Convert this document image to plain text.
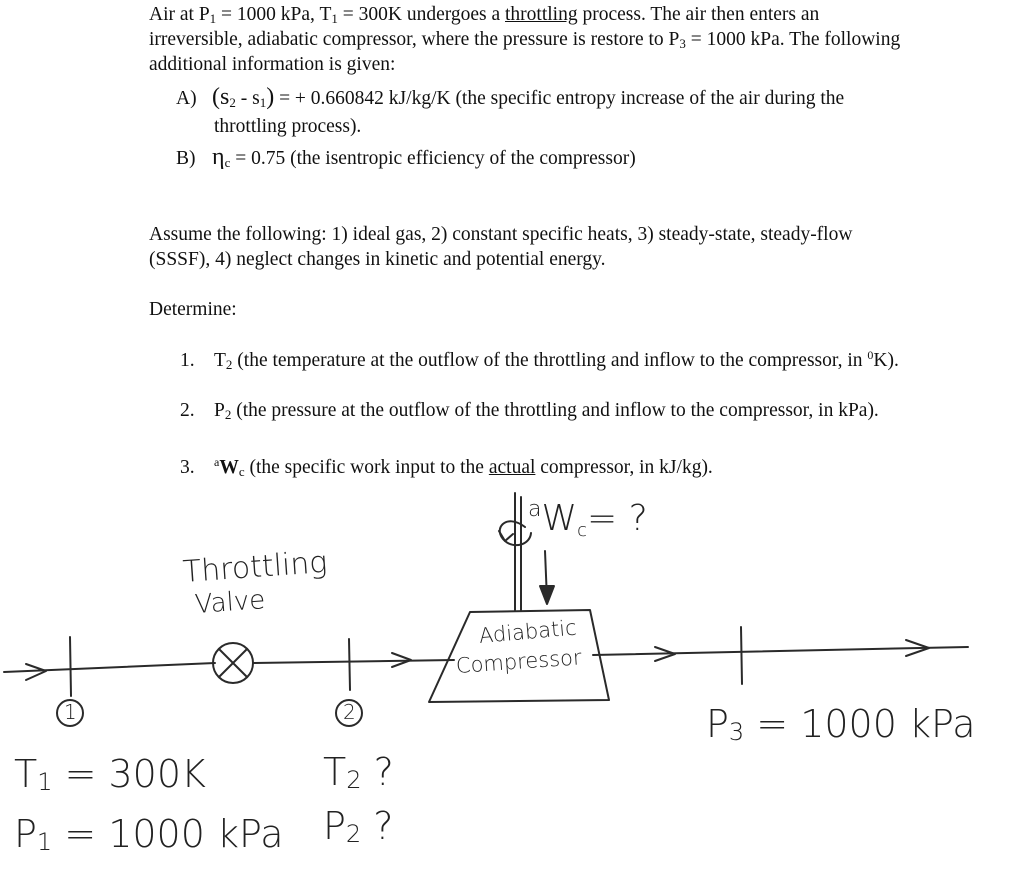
Air at $P_1 = 1000$ kPa, $T_1 = 300K$ undergoes a throttling process. The air then enters an

irreversible, adiabatic compressor, where the pressure is restore to $P_3 = 1000$ kPa. The following

additional information is given:

A) $(s_2 - s_1)$ = + 0.660842 kJ/kg/K (the specific entropy increase of the air during the
throttling process).
B) $\eta_c = 0.75$ (the isentropic efficiency of the compressor)
Assume the following: 1) ideal gas, 2) constant specific heats, 3) steady-state, steady-flow
(SSSF), 4) neglect changes in kinetic and potential energy.
Determine:
1. $T_2$ (the temperature at the outflow of the throttling and inflow to the compressor, in $^0$K).
2. $P_2$ (the pressure at the outflow of the throttling and inflow to the compressor, in kPa).
3. $^aW_c$ (the specific work input to the actual compressor, in kJ/kg).
Throttling
Valve
Adiabatic
Compressor
$^aW_c=$ ?
1	2
$T_1 = 300K$
$P_1 = 1000$ kPa
$T_2$ ?
$P_2$ ?
$P_3 = 1000$ kPa
